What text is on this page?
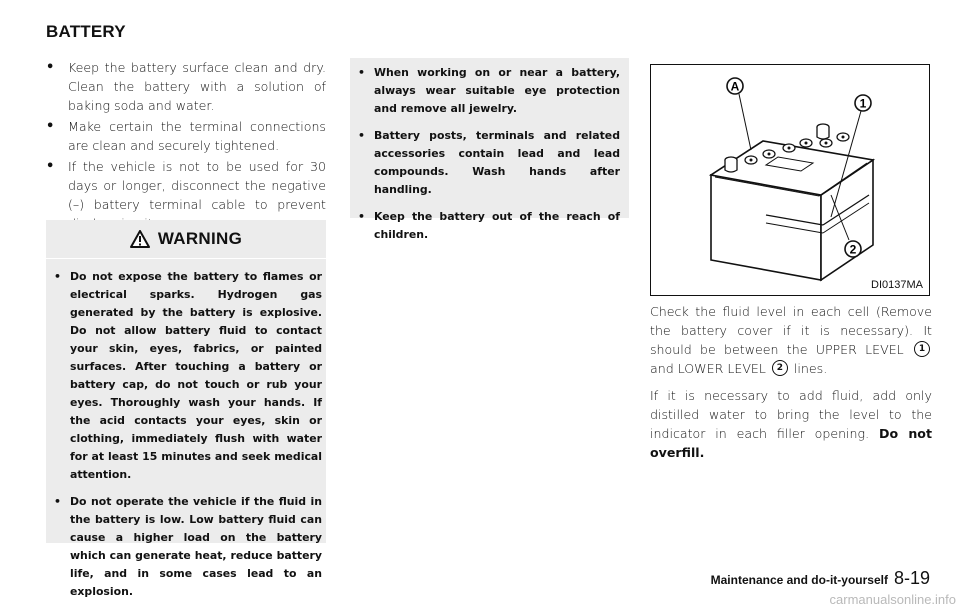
BATTERY
• Keep the battery surface clean and dry. Clean the battery with a solution of baking soda and water.
• Make certain the terminal connections are clean and securely tightened.
• If the vehicle is not to be used for 30 days or longer, disconnect the negative (–) battery terminal cable to prevent
WARNING
• Do not expose the battery to flames or electrical sparks. Hydrogen gas generated by the battery is explosive. Do not allow battery fluid to contact your skin, eyes, fabrics, or painted surfaces. After touching a battery or battery cap, do not touch or rub your eyes. Thoroughly wash your hands. If the acid contacts your eyes, skin or clothing, immediately flush with water for at least 15 minutes and seek medical attention.
• Do not operate the vehicle if the fluid in the battery is low. Low battery fluid can cause a higher load on the battery which can generate heat, reduce battery life, and in some cases lead to an explosion.
• When working on or near a battery, always wear suitable eye protection and remove all jewelry.
• Battery posts, terminals and related accessories contain lead and lead compounds. Wash hands after handling.
• Keep the battery out of the reach of children.
A
1
2
DI0137MA

Check the fluid level in each cell (Remove the battery cover if it is necessary). It should be between the UPPER LEVEL 1 and LOWER LEVEL 2 lines.

If it is necessary to add fluid, add only distilled water to bring the level to the indicator in each filler opening. Do not overfill.

Maintenance and do-it-yourself 8-19
carmanualsonline.info
